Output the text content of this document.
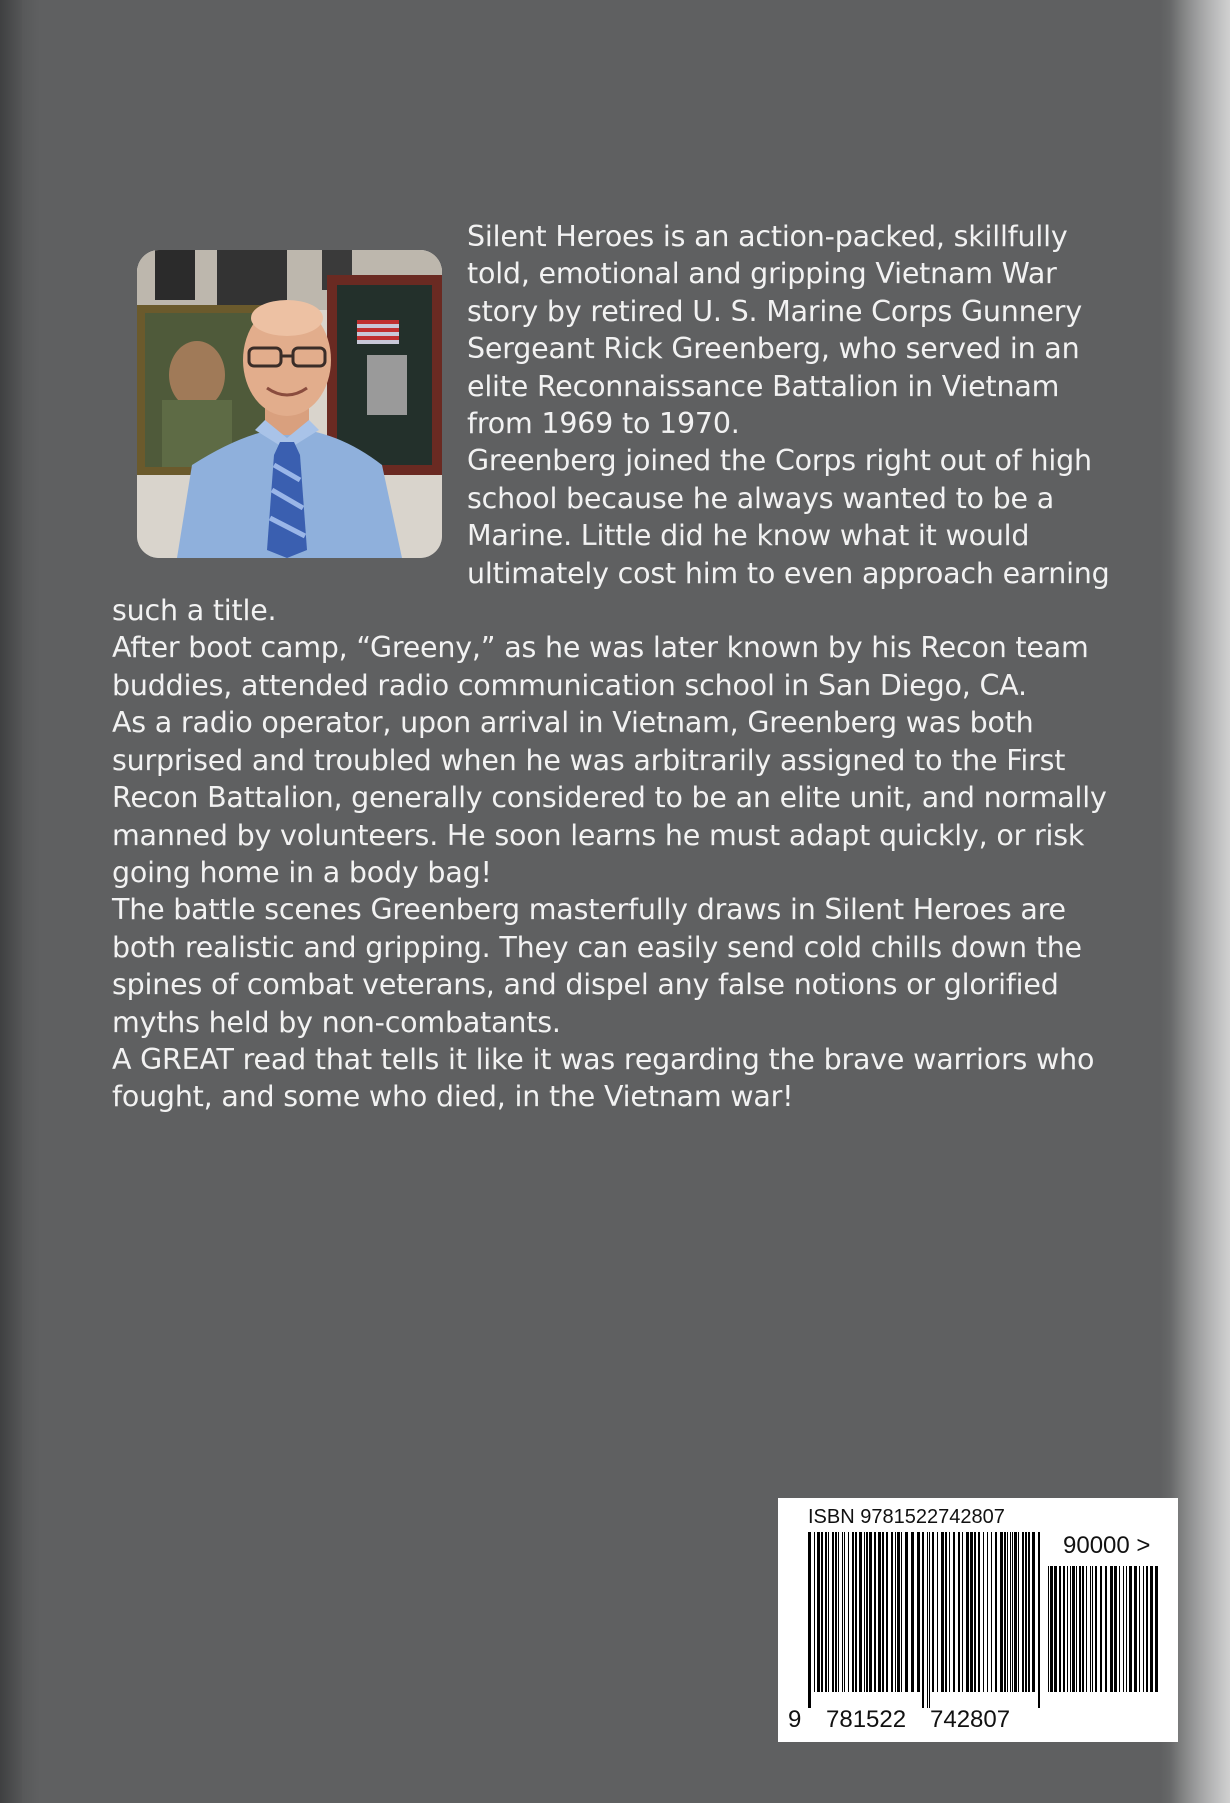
Silent Heroes is an action-packed, skillfully told, emotional and gripping Vietnam War story by retired U. S. Marine Corps Gunnery Sergeant Rick Greenberg, who served in an elite Reconnaissance Battalion in Vietnam from 1969 to 1970.

Greenberg joined the Corps right out of high school because he always wanted to be a Marine. Little did he know what it would ultimately cost him to even approach earning such a title.

After boot camp, “Greeny,” as he was later known by his Recon team buddies, attended radio communication school in San Diego, CA.

As a radio operator, upon arrival in Vietnam, Greenberg was both surprised and troubled when he was arbitrarily assigned to the First Recon Battalion, generally considered to be an elite unit, and normally manned by volunteers. He soon learns he must adapt quickly, or risk going home in a body bag!

The battle scenes Greenberg masterfully draws in Silent Heroes are both realistic and gripping. They can easily send cold chills down the spines of combat veterans, and dispel any false notions or glorified myths held by non-combatants.

A GREAT read that tells it like it was regarding the brave warriors who fought, and some who died, in the Vietnam war!

ISBN 9781522742807
90000 >
9 781522 742807
